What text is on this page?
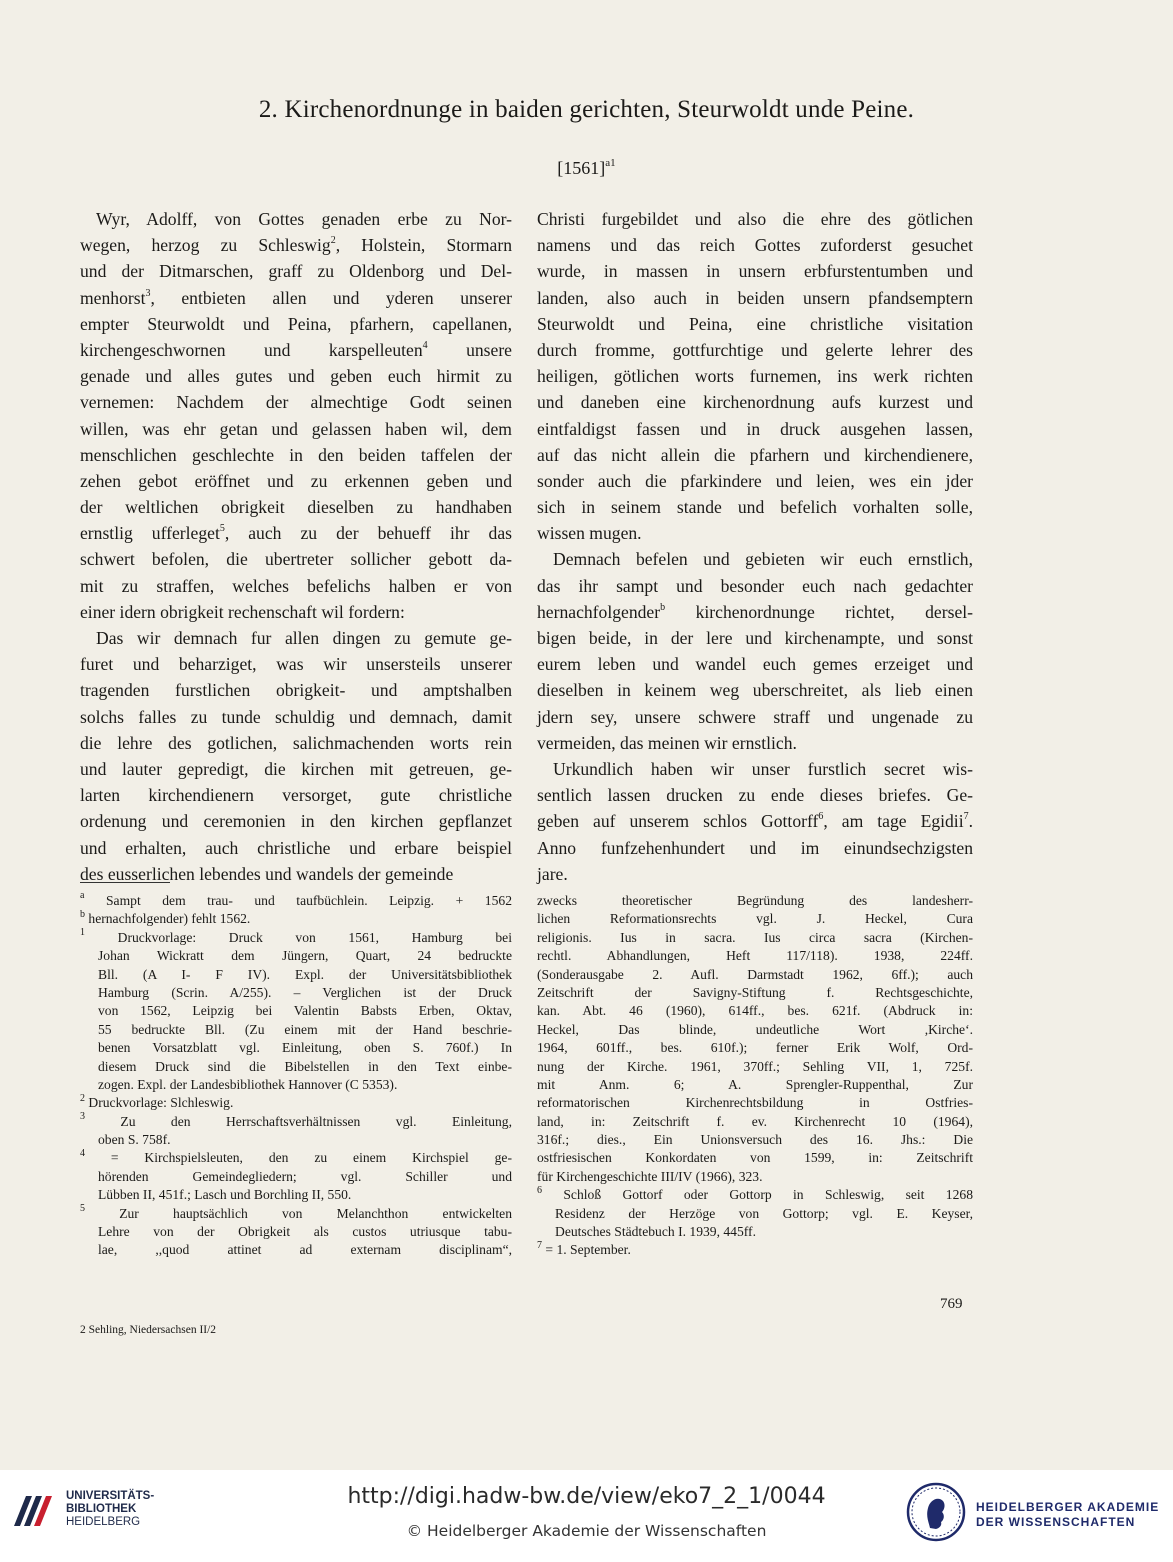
2. Kirchenordnunge in baiden gerichten, Steurwoldt unde Peine.
$[1561]^{a1}$
Wyr, Adolff, von Gottes genaden erbe zu Nor-
wegen, herzog zu Schleswig$^2$, Holstein, Stormarn
und der Ditmarschen, graff zu Oldenborg und Del-
menhorst$^3$, entbieten allen und yderen unserer
empter Steurwoldt und Peina, pfarhern, capellanen,
kirchengeschwornen und karspelleuten$^4$ unsere
genade und alles gutes und geben euch hirmit zu
vernemen: Nachdem der almechtige Godt seinen
willen, was ehr getan und gelassen haben wil, dem
menschlichen geschlechte in den beiden taffelen der
zehen gebot eröffnet und zu erkennen geben und
der weltlichen obrigkeit dieselben zu handhaben
ernstlig ufferleget$^5$, auch zu der behueff ihr das
schwert befolen, die ubertreter sollicher gebott da-
mit zu straffen, welches befelichs halben er von
einer idern obrigkeit rechenschaft wil fordern:
Das wir demnach fur allen dingen zu gemute ge-
furet und beharziget, was wir unsersteils unserer
tragenden furstlichen obrigkeit- und amptshalben
solchs falles zu tunde schuldig und demnach, damit
die lehre des gotlichen, salichmachenden worts rein
und lauter gepredigt, die kirchen mit getreuen, ge-
larten kirchendienern versorget, gute christliche
ordenung und ceremonien in den kirchen gepflanzet
und erhalten, auch christliche und erbare beispiel
des eusserlichen lebendes und wandels der gemeinde
Christi furgebildet und also die ehre des götlichen
namens und das reich Gottes zuforderst gesuchet
wurde, in massen in unsern erbfurstentumben und
landen, also auch in beiden unsern pfandsemptern
Steurwoldt und Peina, eine christliche visitation
durch fromme, gottfurchtige und gelerte lehrer des
heiligen, götlichen worts furnemen, ins werk richten
und daneben eine kirchenordnung aufs kurzest und
eintfaldigst fassen und in druck ausgehen lassen,
auf das nicht allein die pfarhern und kirchendienere,
sonder auch die pfarkindere und leien, wes ein jder
sich in seinem stande und befelich vorhalten solle,
wissen mugen.
Demnach befelen und gebieten wir euch ernstlich,
das ihr sampt und besonder euch nach gedachter
hernachfolgender$^b$ kirchenordnunge richtet, dersel-
bigen beide, in der lere und kirchenampte, und sonst
eurem leben und wandel euch gemes erzeiget und
dieselben in keinem weg uberschreitet, als lieb einen
jdern sey, unsere schwere straff und ungenade zu
vermeiden, das meinen wir ernstlich.
Urkundlich haben wir unser furstlich secret wis-
sentlich lassen drucken zu ende dieses briefes. Ge-
geben auf unserem schlos Gottorff$^6$, am tage Egidii$^7$.
Anno funfzehenhundert und im einundsechzigsten
jare.
$^a$ Sampt dem trau- und taufbüchlein. Leipzig. + 1562
$^b$ hernachfolgender) fehlt 1562.
$^1$ Druckvorlage: Druck von 1561, Hamburg bei
Johan Wickratt dem Jüngern, Quart, 24 bedruckte
Bll. (A I- F IV). Expl. der Universitätsbibliothek
Hamburg (Scrin. A/255). – Verglichen ist der Druck
von 1562, Leipzig bei Valentin Babsts Erben, Oktav,
55 bedruckte Bll. (Zu einem mit der Hand beschrie-
benen Vorsatzblatt vgl. Einleitung, oben S. 760f.) In
diesem Druck sind die Bibelstellen in den Text einbe-
zogen. Expl. der Landesbibliothek Hannover (C 5353).
$^2$ Druckvorlage: Slchleswig.
$^3$ Zu den Herrschaftsverhältnissen vgl. Einleitung,
oben S. 758f.
$^4$ = Kirchspielsleuten, den zu einem Kirchspiel ge-
hörenden Gemeindegliedern; vgl. Schiller und
Lübben II, 451f.; Lasch und Borchling II, 550.
$^5$ Zur hauptsächlich von Melanchthon entwickelten
Lehre von der Obrigkeit als custos utriusque tabu-
lae, ,,quod attinet ad externam disciplinam“,
zwecks theoretischer Begründung des landesherr-
lichen Reformationsrechts vgl. J. Heckel, Cura
religionis. Ius in sacra. Ius circa sacra (Kirchen-
rechtl. Abhandlungen, Heft 117/118). 1938, 224ff.
(Sonderausgabe 2. Aufl. Darmstadt 1962, 6ff.); auch
Zeitschrift der Savigny-Stiftung f. Rechtsgeschichte,
kan. Abt. 46 (1960), 614ff., bes. 621f. (Abdruck in:
Heckel, Das blinde, undeutliche Wort ,Kirche‘.
1964, 601ff., bes. 610f.); ferner Erik Wolf, Ord-
nung der Kirche. 1961, 370ff.; Sehling VII, 1, 725f.
mit Anm. 6; A. Sprengler-Ruppenthal, Zur
reformatorischen Kirchenrechtsbildung in Ostfries-
land, in: Zeitschrift f. ev. Kirchenrecht 10 (1964),
316f.; dies., Ein Unionsversuch des 16. Jhs.: Die
ostfriesischen Konkordaten von 1599, in: Zeitschrift
für Kirchengeschichte III/IV (1966), 323.
$^6$ Schloß Gottorf oder Gottorp in Schleswig, seit 1268
Residenz der Herzöge von Gottorp; vgl. E. Keyser,
Deutsches Städtebuch I. 1939, 445ff.
$^7$ = 1. September.
769
2 Sehling, Niedersachsen II/2
UNIVERSITÄTS-
BIBLIOTHEK
HEIDELBERG
http://digi.hadw-bw.de/view/eko7_2_1/0044
© Heidelberger Akademie der Wissenschaften
HEIDELBERGER AKADEMIE
DER WISSENSCHAFTEN
